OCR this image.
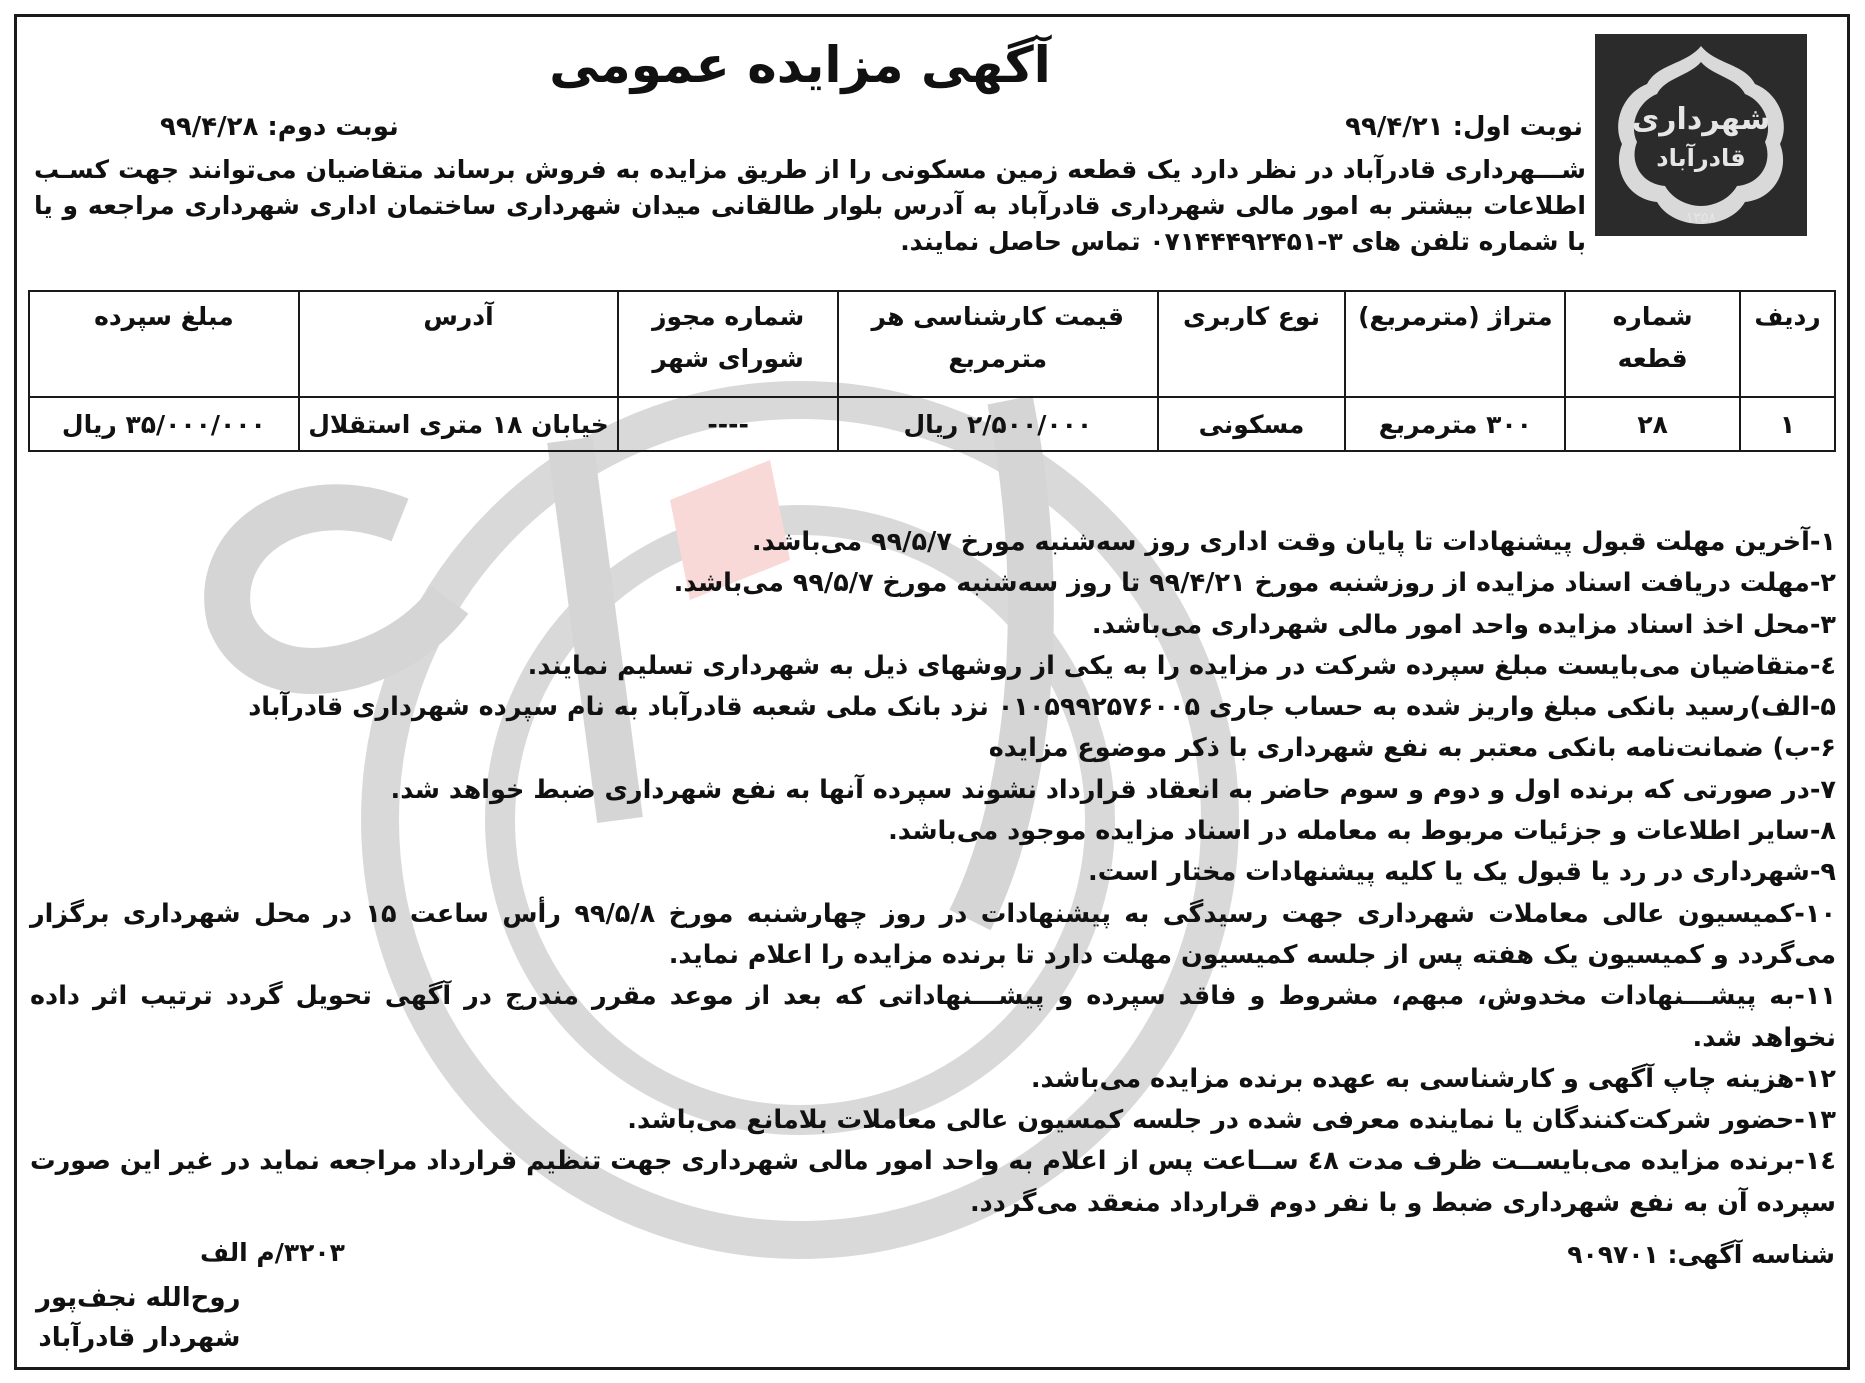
شهرداری
قادرآباد
۱۳۵۸
آگهی مزایده عمومی
نوبت اول: ۹۹/۴/۲۱
نوبت دوم: ۹۹/۴/۲۸
شـــهرداری قادرآباد در نظر دارد یک قطعه زمین مسکونی را از طریق مزایده به فروش برساند متقاضیان می‌توانند جهت کسـب اطلاعات بیشتر به امور مالی شهرداری قادرآباد به آدرس بلوار طالقانی میدان شهرداری ساختمان اداری شهرداری مراجعه و یا با شماره تلفن های ۳-۰۷۱۴۴۴۹۲۴۵۱ تماس حاصل نمایند.
ردیف	شماره قطعه	متراژ (مترمربع)	نوع کاربری	قیمت کارشناسی هر مترمربع	شماره مجوز شورای شهر	آدرس	مبلغ سپرده
۱	۲۸	۳۰۰ مترمربع	مسکونی	۲/۵۰۰/۰۰۰ ریال	----	خیابان ۱۸ متری استقلال	۳۵/۰۰۰/۰۰۰ ریال

۱-آخرین مهلت قبول پیشنهادات تا پایان وقت اداری روز سه‌شنبه مورخ ۹۹/۵/۷ می‌باشد.

۲-مهلت دریافت اسناد مزایده از روزشنبه مورخ ۹۹/۴/۲۱ تا روز سه‌شنبه مورخ ۹۹/۵/۷ می‌باشد.

۳-محل اخذ اسناد مزایده واحد امور مالی شهرداری می‌باشد.

٤-متقاضیان می‌بایست مبلغ سپرده شرکت در مزایده را به یکی از روشهای ذیل به شهرداری تسلیم نمایند.

۵-الف)رسید بانکی مبلغ واریز شده به حساب جاری ۰۱۰۵۹۹۲۵۷۶۰۰۵ نزد بانک ملی شعبه قادرآباد به نام سپرده شهرداری قادرآباد

۶-ب) ضمانت‌نامه بانکی معتبر به نفع شهرداری با ذکر موضوع مزایده

۷-در صورتی که برنده اول و دوم و سوم حاضر به انعقاد قرارداد نشوند سپرده آنها به نفع شهرداری ضبط خواهد شد.

۸-سایر اطلاعات و جزئیات مربوط به معامله در اسناد مزایده موجود می‌باشد.

۹-شهرداری در رد یا قبول یک یا کلیه پیشنهادات مختار است.

۱۰-کمیسیون عالی معاملات شهرداری جهت رسیدگی به پیشنهادات در روز چهارشنبه مورخ ۹۹/۵/۸ رأس ساعت ۱۵ در محل شهرداری برگزار می‌گردد و کمیسیون یک هفته پس از جلسه کمیسیون مهلت دارد تا برنده مزایده را اعلام نماید.

۱۱-به پیشـــنهادات مخدوش، مبهم، مشروط و فاقد سپرده و پیشـــنهاداتی که بعد از موعد مقرر مندرج در آگهی تحویل گردد ترتیب اثر داده نخواهد شد.

۱۲-هزینه چاپ آگهی و کارشناسی به عهده برنده مزایده می‌باشد.

۱۳-حضور شرکت‌کنندگان یا نماینده معرفی شده در جلسه کمسیون عالی معاملات بلامانع می‌باشد.

۱٤-برنده مزایده می‌بایســت ظرف مدت ٤۸ ســاعت پس از اعلام به واحد امور مالی شهرداری جهت تنظیم قرارداد مراجعه نماید در غیر این صورت سپرده آن به نفع شهرداری ضبط و با نفر دوم قرارداد منعقد می‌گردد.

شناسه آگهی: ۹۰۹۷۰۱
۳۲۰۳/م الف
روح‌الله نجف‌پور
شهردار قادرآباد
